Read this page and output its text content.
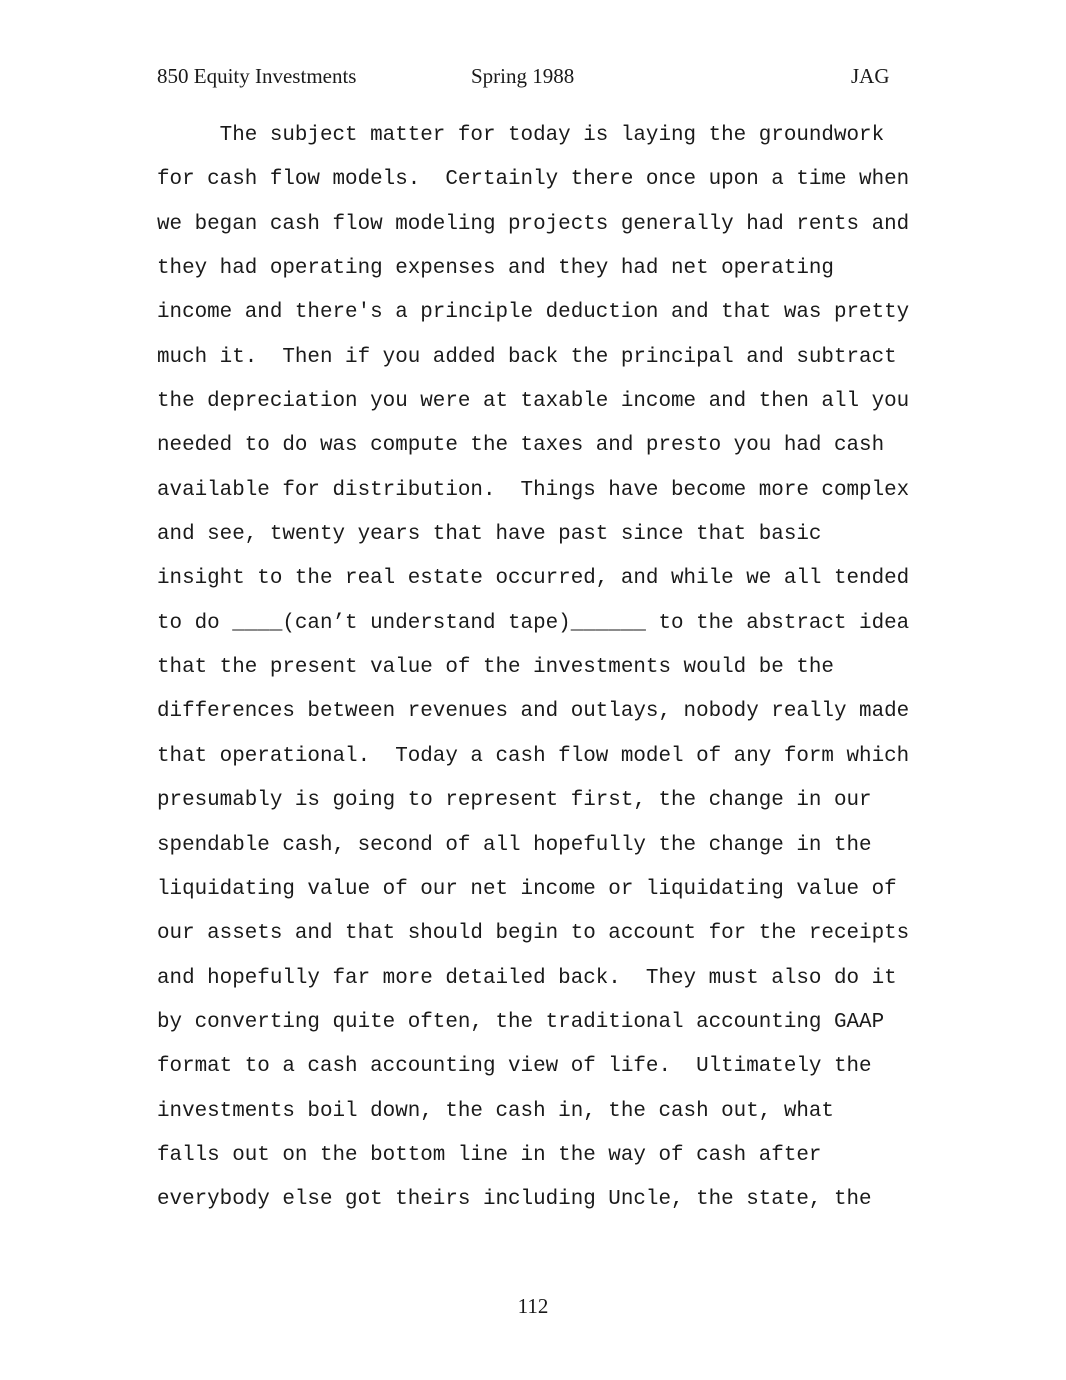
850 Equity Investments	Spring 1988	JAG
The subject matter for today is laying the groundwork
for cash flow models.  Certainly there once upon a time when
we began cash flow modeling projects generally had rents and
they had operating expenses and they had net operating
income and there's a principle deduction and that was pretty
much it.  Then if you added back the principal and subtract
the depreciation you were at taxable income and then all you
needed to do was compute the taxes and presto you had cash
available for distribution.  Things have become more complex
and see, twenty years that have past since that basic
insight to the real estate occurred, and while we all tended
to do ____(can’t understand tape)______ to the abstract idea
that the present value of the investments would be the
differences between revenues and outlays, nobody really made
that operational.  Today a cash flow model of any form which
presumably is going to represent first, the change in our
spendable cash, second of all hopefully the change in the
liquidating value of our net income or liquidating value of
our assets and that should begin to account for the receipts
and hopefully far more detailed back.  They must also do it
by converting quite often, the traditional accounting GAAP
format to a cash accounting view of life.  Ultimately the
investments boil down, the cash in, the cash out, what
falls out on the bottom line in the way of cash after
everybody else got theirs including Uncle, the state, the
112
